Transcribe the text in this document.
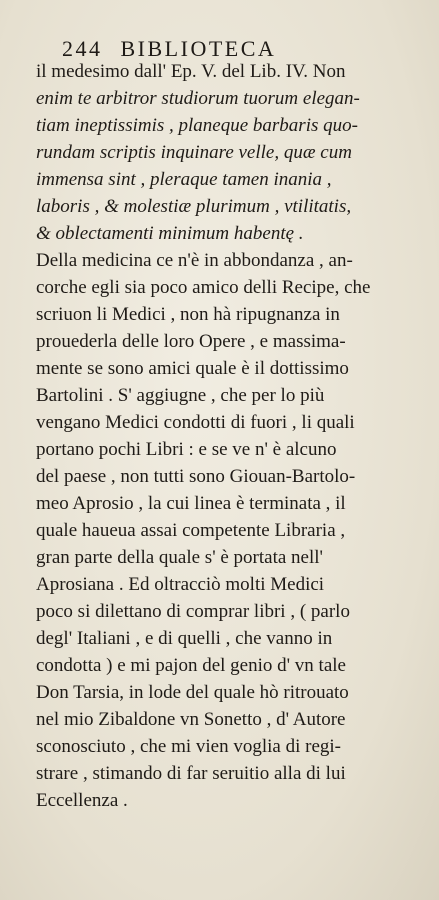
244 BIBLIOTECA
il medesimo dall' Ep. V. del Lib. IV. Non
enim te arbitror studiorum tuorum elegan-
tiam ineptissimis , planeque barbaris quo-
rundam scriptis inquinare velle, quæ cum
immensa sint , pleraque tamen inania ,
laboris , & molestiæ plurimum , vtilitatis,
& oblectamenti minimum habentę .
Della medicina ce n'è in abbondanza , an-
corche egli sia poco amico delli Recipe, che
scriuon li Medici , non hà ripugnanza in
prouederla delle loro Opere , e massima-
mente se sono amici quale è il dottissimo
Bartolini . S' aggiugne , che per lo più
vengano Medici condotti di fuori , li quali
portano pochi Libri : e se ve n' è alcuno
del paese , non tutti sono Giouan-Bartolo-
meo Aprosio , la cui linea è terminata , il
quale haueua assai competente Libraria ,
gran parte della quale s' è portata nell'
Aprosiana . Ed oltracciò molti Medici
poco si dilettano di comprar libri , ( parlo
degl' Italiani , e di quelli , che vanno in
condotta ) e mi pajon del genio d' vn tale
Don Tarsia, in lode del quale hò ritrouato
nel mio Zibaldone vn Sonetto , d' Autore
sconosciuto , che mi vien voglia di regi-
strare , stimando di far seruitio alla di lui
Eccellenza .
